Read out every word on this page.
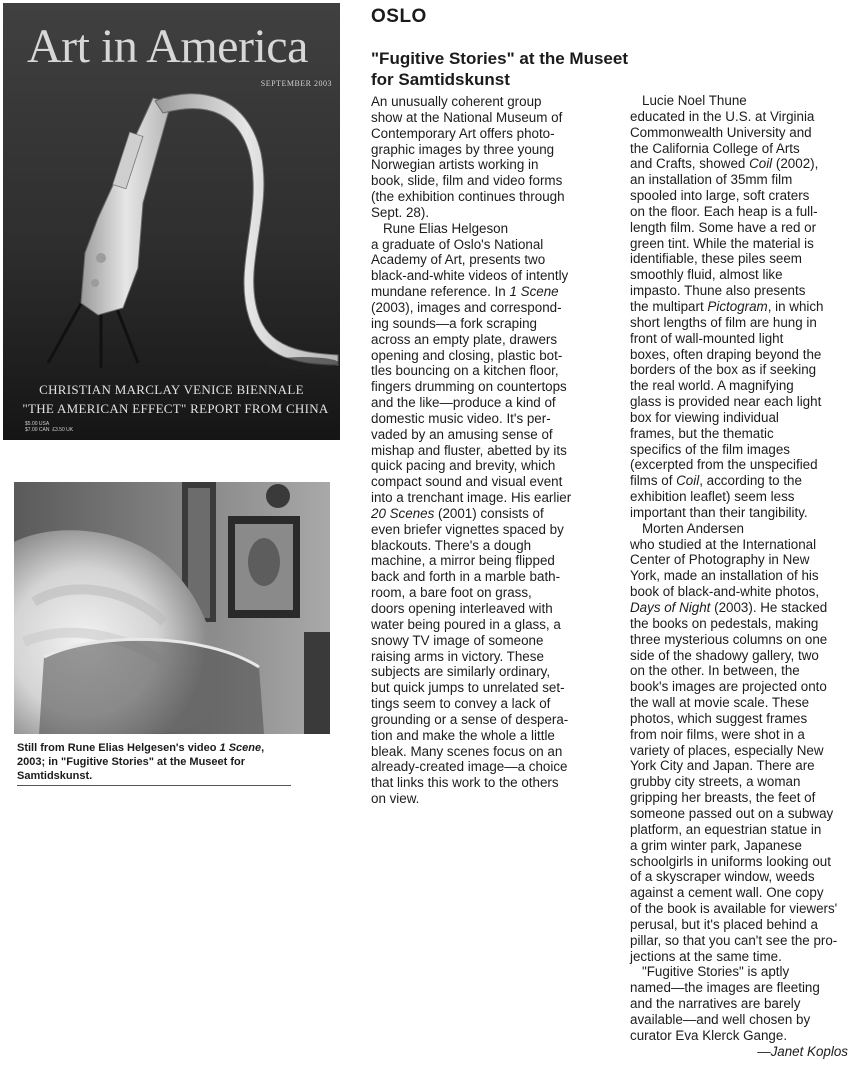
Art in America
SEPTEMBER 2003
CHRISTIAN MARCLAY VENICE BIENNALE
"THE AMERICAN EFFECT" REPORT FROM CHINA
$5.00 USA
$7.00 CAN  £3.50 UK
Still from Rune Elias Helgesen's video 1 Scene, 2003; in "Fugitive Stories" at the Museet for Samtidskunst.
OSLO
"Fugitive Stories" at the Museet for Samtidskunst
An unusually coherent group
show at the National Museum of
Contemporary Art offers photo-
graphic images by three young
Norwegian artists working in
book, slide, film and video forms
(the exhibition continues through
Sept. 28).
Rune Elias Helgeson
a graduate of Oslo's National
Academy of Art, presents two
black-and-white videos of intently
mundane reference. In 1 Scene
(2003), images and correspond-
ing sounds—a fork scraping
across an empty plate, drawers
opening and closing, plastic bot-
tles bouncing on a kitchen floor,
fingers drumming on countertops
and the like—produce a kind of
domestic music video. It's per-
vaded by an amusing sense of
mishap and fluster, abetted by its
quick pacing and brevity, which
compact sound and visual event
into a trenchant image. His earlier
20 Scenes (2001) consists of
even briefer vignettes spaced by
blackouts. There's a dough
machine, a mirror being flipped
back and forth in a marble bath-
room, a bare foot on grass,
doors opening interleaved with
water being poured in a glass, a
snowy TV image of someone
raising arms in victory. These
subjects are similarly ordinary,
but quick jumps to unrelated set-
tings seem to convey a lack of
grounding or a sense of despera-
tion and make the whole a little
bleak. Many scenes focus on an
already-created image—a choice
that links this work to the others
on view.
Lucie Noel Thune
educated in the U.S. at Virginia
Commonwealth University and
the California College of Arts
and Crafts, showed Coil (2002),
an installation of 35mm film
spooled into large, soft craters
on the floor. Each heap is a full-
length film. Some have a red or
green tint. While the material is
identifiable, these piles seem
smoothly fluid, almost like
impasto. Thune also presents
the multipart Pictogram, in which
short lengths of film are hung in
front of wall-mounted light
boxes, often draping beyond the
borders of the box as if seeking
the real world. A magnifying
glass is provided near each light
box for viewing individual
frames, but the thematic
specifics of the film images
(excerpted from the unspecified
films of Coil, according to the
exhibition leaflet) seem less
important than their tangibility.
Morten Andersen
who studied at the International
Center of Photography in New
York, made an installation of his
book of black-and-white photos,
Days of Night (2003). He stacked
the books on pedestals, making
three mysterious columns on one
side of the shadowy gallery, two
on the other. In between, the
book's images are projected onto
the wall at movie scale. These
photos, which suggest frames
from noir films, were shot in a
variety of places, especially New
York City and Japan. There are
grubby city streets, a woman
gripping her breasts, the feet of
someone passed out on a subway
platform, an equestrian statue in
a grim winter park, Japanese
schoolgirls in uniforms looking out
of a skyscraper window, weeds
against a cement wall. One copy
of the book is available for viewers'
perusal, but it's placed behind a
pillar, so that you can't see the pro-
jections at the same time.
"Fugitive Stories" is aptly
named—the images are fleeting
and the narratives are barely
available—and well chosen by
curator Eva Klerck Gange.
—Janet Koplos
